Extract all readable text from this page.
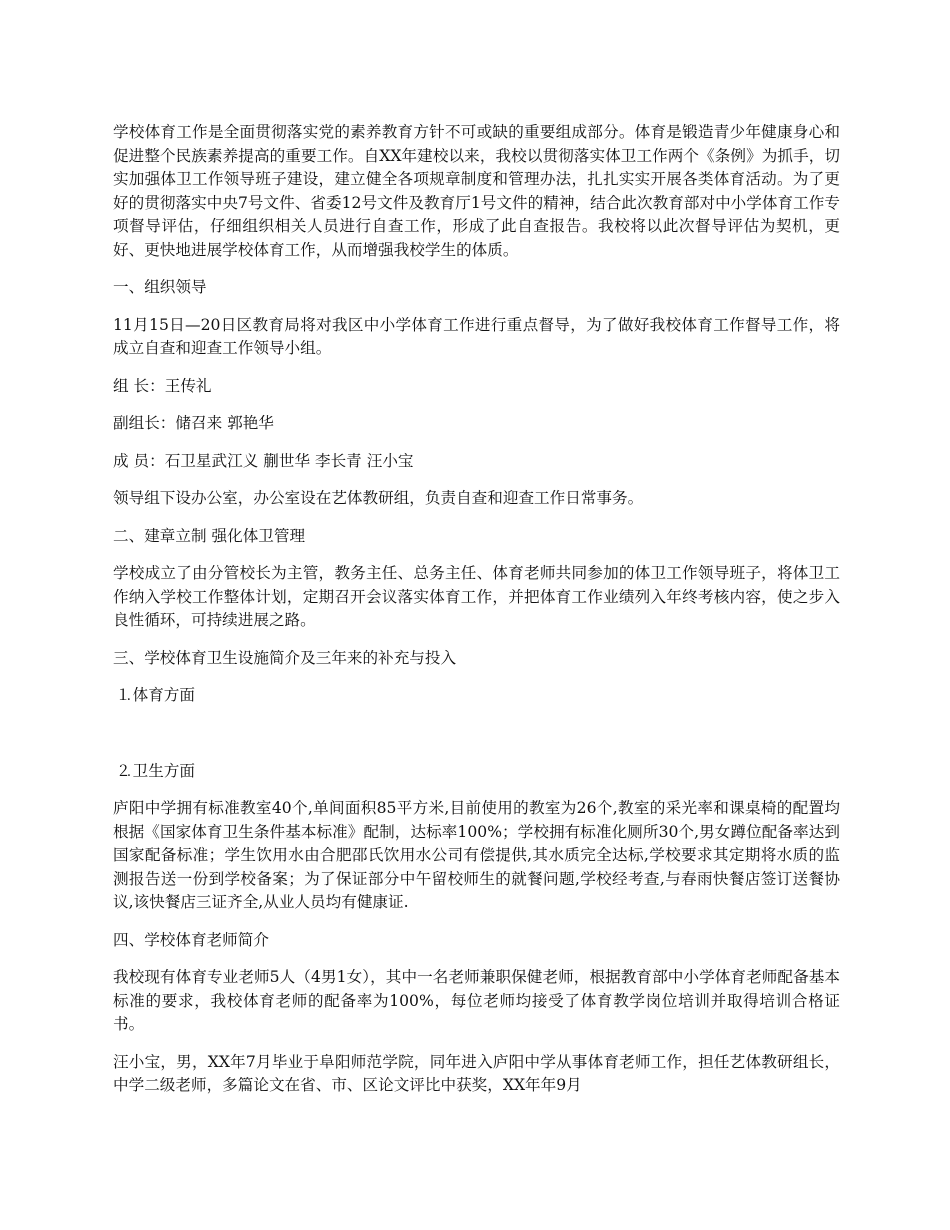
学校体育工作是全面贯彻落实党的素养教育方针不可或缺的重要组成部分。体育是锻造青少年健康身心和促进整个民族素养提高的重要工作。自XX年建校以来，我校以贯彻落实体卫工作两个《条例》为抓手，切实加强体卫工作领导班子建设，建立健全各项规章制度和管理办法，扎扎实实开展各类体育活动。为了更好的贯彻落实中央7号文件、省委12号文件及教育厅1号文件的精神，结合此次教育部对中小学体育工作专项督导评估，仔细组织相关人员进行自查工作，形成了此自查报告。我校将以此次督导评估为契机，更好、更快地进展学校体育工作，从而增强我校学生的体质。

一、组织领导

11月15日—20日区教育局将对我区中小学体育工作进行重点督导，为了做好我校体育工作督导工作，将成立自查和迎查工作领导小组。

组 长：王传礼

副组长：储召来 郭艳华

成 员：石卫星武江义 蒯世华 李长青 汪小宝

领导组下设办公室，办公室设在艺体教研组，负责自查和迎查工作日常事务。

二、建章立制 强化体卫管理

学校成立了由分管校长为主管，教务主任、总务主任、体育老师共同参加的体卫工作领导班子，将体卫工作纳入学校工作整体计划，定期召开会议落实体育工作，并把体育工作业绩列入年终考核内容，使之步入良性循环，可持续进展之路。

三、学校体育卫生设施简介及三年来的补充与投入

⒈体育方面

⒉卫生方面

庐阳中学拥有标准教室40个,单间面积85平方米,目前使用的教室为26个,教室的采光率和课桌椅的配置均根据《国家体育卫生条件基本标准》配制，达标率100%；学校拥有标准化厕所30个,男女蹲位配备率达到国家配备标准；学生饮用水由合肥邵氏饮用水公司有偿提供,其水质完全达标,学校要求其定期将水质的监测报告送一份到学校备案；为了保证部分中午留校师生的就餐问题,学校经考查,与春雨快餐店签订送餐协议,该快餐店三证齐全,从业人员均有健康证.

四、学校体育老师简介

我校现有体育专业老师5人（4男1女），其中一名老师兼职保健老师，根据教育部中小学体育老师配备基本标准的要求，我校体育老师的配备率为100%，每位老师均接受了体育教学岗位培训并取得培训合格证书。

汪小宝，男，XX年7月毕业于阜阳师范学院，同年进入庐阳中学从事体育老师工作，担任艺体教研组长，中学二级老师，多篇论文在省、市、区论文评比中获奖，XX年年9月
